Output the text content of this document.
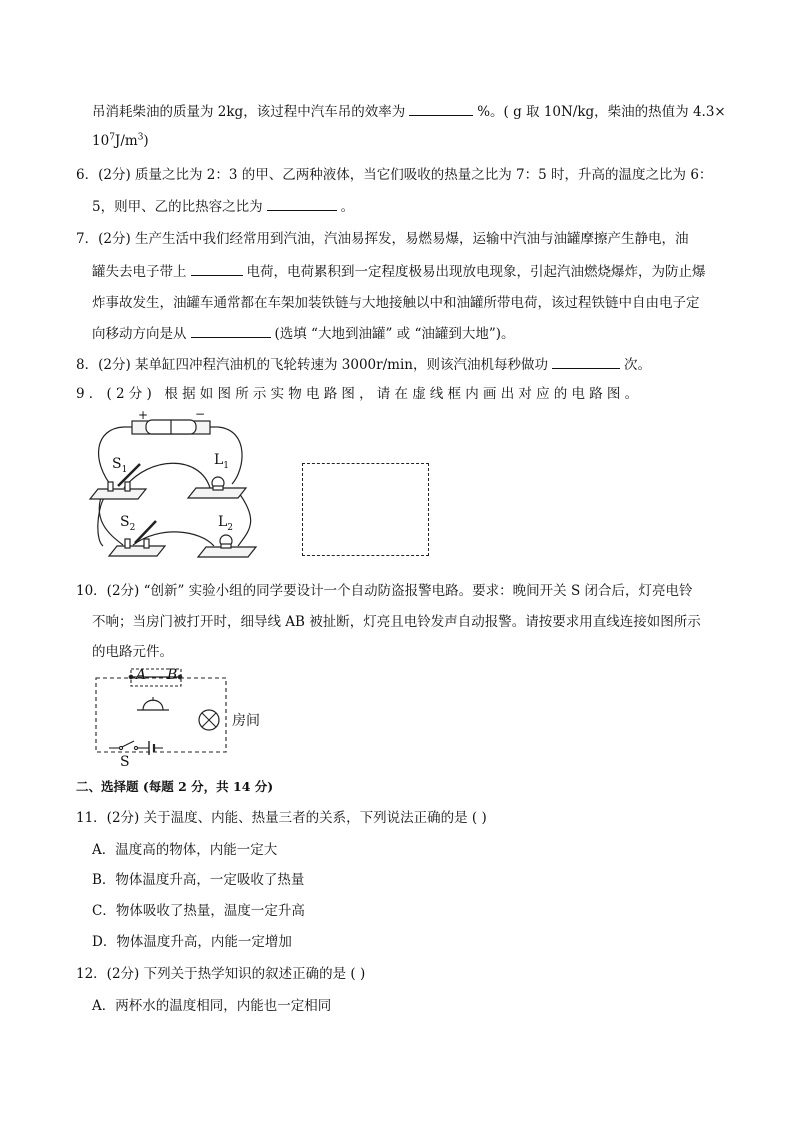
吊消耗柴油的质量为 2kg，该过程中汽车吊的效率为	%。( g 取 10N/kg，柴油的热值为 4.3×
$10^7J/m^3$)
6．(2分) 质量之比为 2：3 的甲、乙两种液体，当它们吸收的热量之比为 7：5 时，升高的温度之比为 6：
5，则甲、乙的比热容之比为	。
7．(2分) 生产生活中我们经常用到汽油，汽油易挥发，易燃易爆，运输中汽油与油罐摩擦产生静电，油
罐失去电子带上	电荷，电荷累积到一定程度极易出现放电现象，引起汽油燃烧爆炸，为防止爆
炸事故发生，油罐车通常都在车架加装铁链与大地接触以中和油罐所带电荷，该过程铁链中自由电子定
向移动方向是从	(选填 “大地到油罐” 或 “油罐到大地”)。
8．(2分) 某单缸四冲程汽油机的飞轮转速为 3000r/min，则该汽油机每秒做功	次。
9．(2分) 根据如图所示实物电路图，请在虚线框内画出对应的电路图。
+	−
$S_1$
$L_1$
$S_2$	$L_2$
10．(2分) “创新” 实验小组的同学要设计一个自动防盗报警电路。要求：晚间开关 S 闭合后，灯亮电铃
不响；当房门被打开时，细导线 AB 被扯断，灯亮且电铃发声自动报警。请按要求用直线连接如图所示
的电路元件。
A B
房间
S
二、选择题 (每题 2 分，共 14 分)
11．(2分) 关于温度、内能、热量三者的关系，下列说法正确的是 ( )
A．温度高的物体，内能一定大
B．物体温度升高，一定吸收了热量
C．物体吸收了热量，温度一定升高
D．物体温度升高，内能一定增加
12．(2分) 下列关于热学知识的叙述正确的是 ( )
A．两杯水的温度相同，内能也一定相同
